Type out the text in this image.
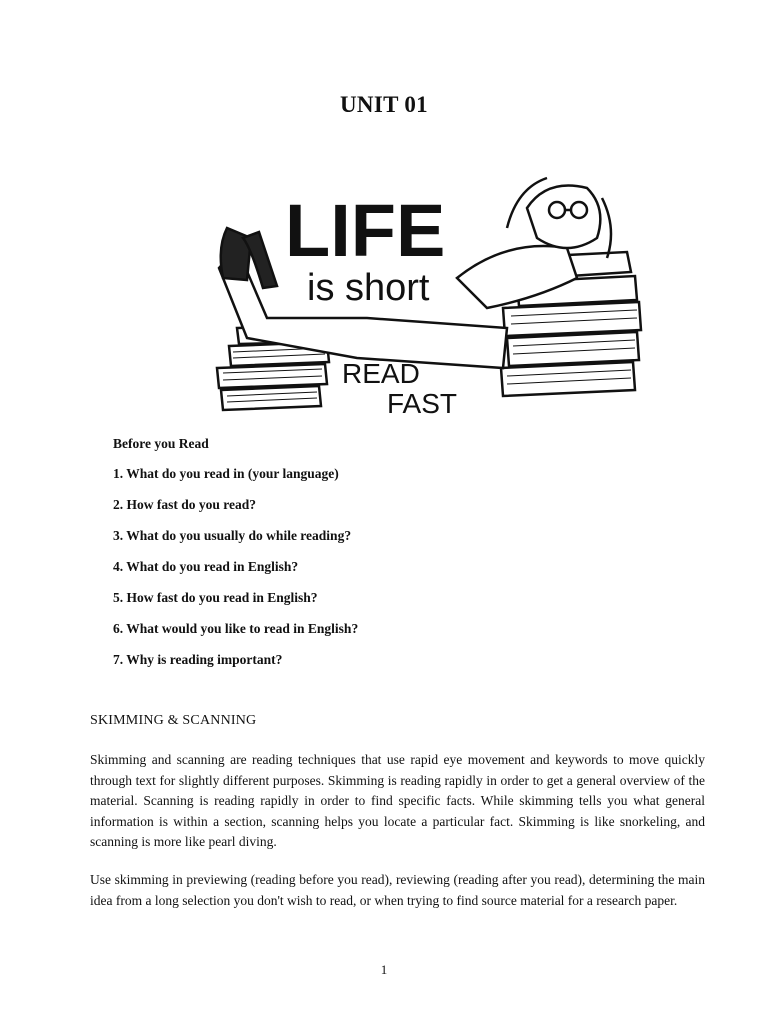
UNIT 01
LIFE
is short
READ
FAST
Before you Read
1. What do you read in (your language)
2. How fast do you read?
3. What do you usually do while reading?
4. What do you read in English?
5. How fast do you read in English?
6. What would you like to read in English?
7. Why is reading important?
SKIMMING & SCANNING

Skimming and scanning are reading techniques that use rapid eye movement and keywords to move quickly through text for slightly different purposes. Skimming is reading rapidly in order to get a general overview of the material. Scanning is reading rapidly in order to find specific facts. While skimming tells you what general information is within a section, scanning helps you locate a particular fact. Skimming is like snorkeling, and scanning is more like pearl diving.

Use skimming in previewing (reading before you read), reviewing (reading after you read), determining the main idea from a long selection you don't wish to read, or when trying to find source material for a research paper.

1
